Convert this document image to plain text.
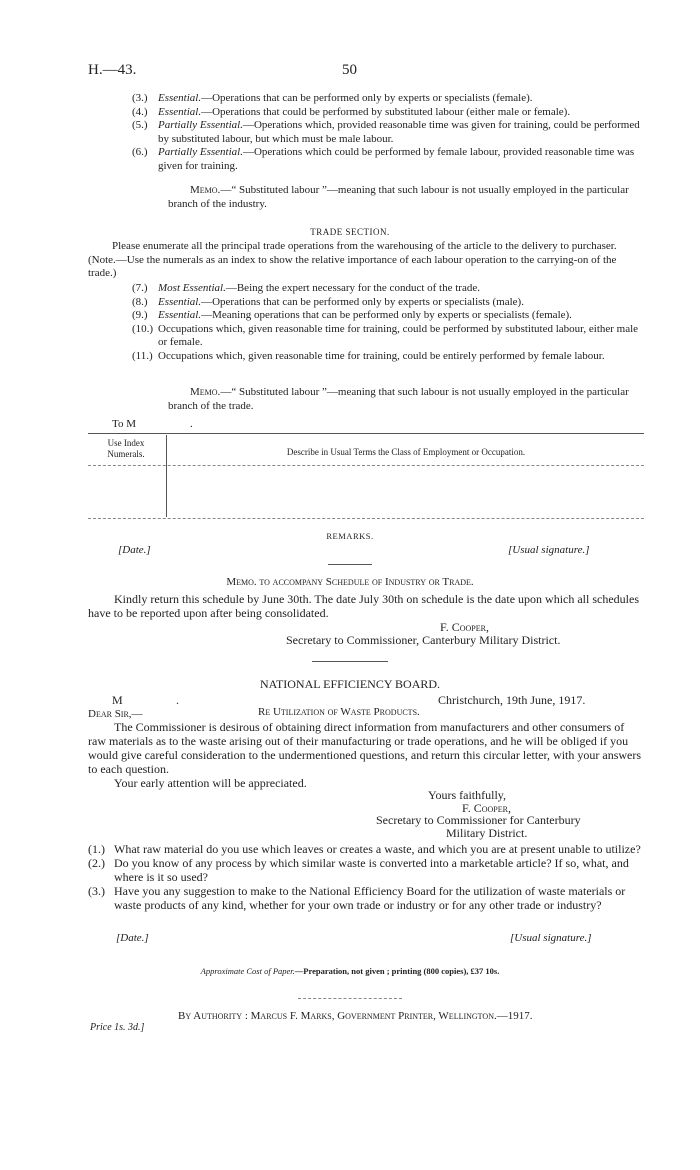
H.—43.	50
(3.) Essential.—Operations that can be performed only by experts or specialists (female).
(4.) Essential.—Operations that could be performed by substituted labour (either male or female).
(5.) Partially Essential.—Operations which, provided reasonable time was given for training, could be performed by substituted labour, but which must be male labour.
(6.) Partially Essential.—Operations which could be performed by female labour, provided reasonable time was given for training.
Memo.—“ Substituted labour ”—meaning that such labour is not usually employed in the particular branch of the industry.
TRADE SECTION.
Please enumerate all the principal trade operations from the warehousing of the article to the delivery to purchaser. (Note.—Use the numerals as an index to show the relative importance of each labour operation to the carrying-on of the trade.)
(7.) Most Essential.—Being the expert necessary for the conduct of the trade.
(8.) Essential.—Operations that can be performed only by experts or specialists (male).
(9.) Essential.—Meaning operations that can be performed only by experts or specialists (female).
(10.) Occupations which, given reasonable time for training, could be performed by substituted labour, either male or female.
(11.) Occupations which, given reasonable time for training, could be entirely performed by female labour.
Memo.—“ Substituted labour ”—meaning that such labour is not usually employed in the particular branch of the trade.
To M	.
Use Index Numerals.	Describe in Usual Terms the Class of Employment or Occupation.
REMARKS.
[Date.]	[Usual signature.]
Memo. to accompany Schedule of Industry or Trade.
Kindly return this schedule by June 30th. The date July 30th on schedule is the date upon which all schedules have to be reported upon after being consolidated.
F. Cooper,
Secretary to Commissioner, Canterbury Military District.
NATIONAL EFFICIENCY BOARD.
M	.	Christchurch, 19th June, 1917.
Dear Sir,—	Re Utilization of Waste Products.
The Commissioner is desirous of obtaining direct information from manufacturers and other consumers of raw materials as to the waste arising out of their manufacturing or trade operations, and he will be obliged if you would give careful consideration to the undermentioned questions, and return this circular letter, with your answers to each question.
Your early attention will be appreciated.
Yours faithfully,
F. Cooper,
Secretary to Commissioner for Canterbury
Military District.
(1.) What raw material do you use which leaves or creates a waste, and which you are at present unable to utilize?
(2.) Do you know of any process by which similar waste is converted into a marketable article? If so, what, and where is it so used?
(3.) Have you any suggestion to make to the National Efficiency Board for the utilization of waste materials or waste products of any kind, whether for your own trade or industry or for any other trade or industry?
[Date.]	[Usual signature.]
Approximate Cost of Paper.—Preparation, not given ; printing (800 copies), £37 10s.
By Authority : Marcus F. Marks, Government Printer, Wellington.—1917.
Price 1s. 3d.]
